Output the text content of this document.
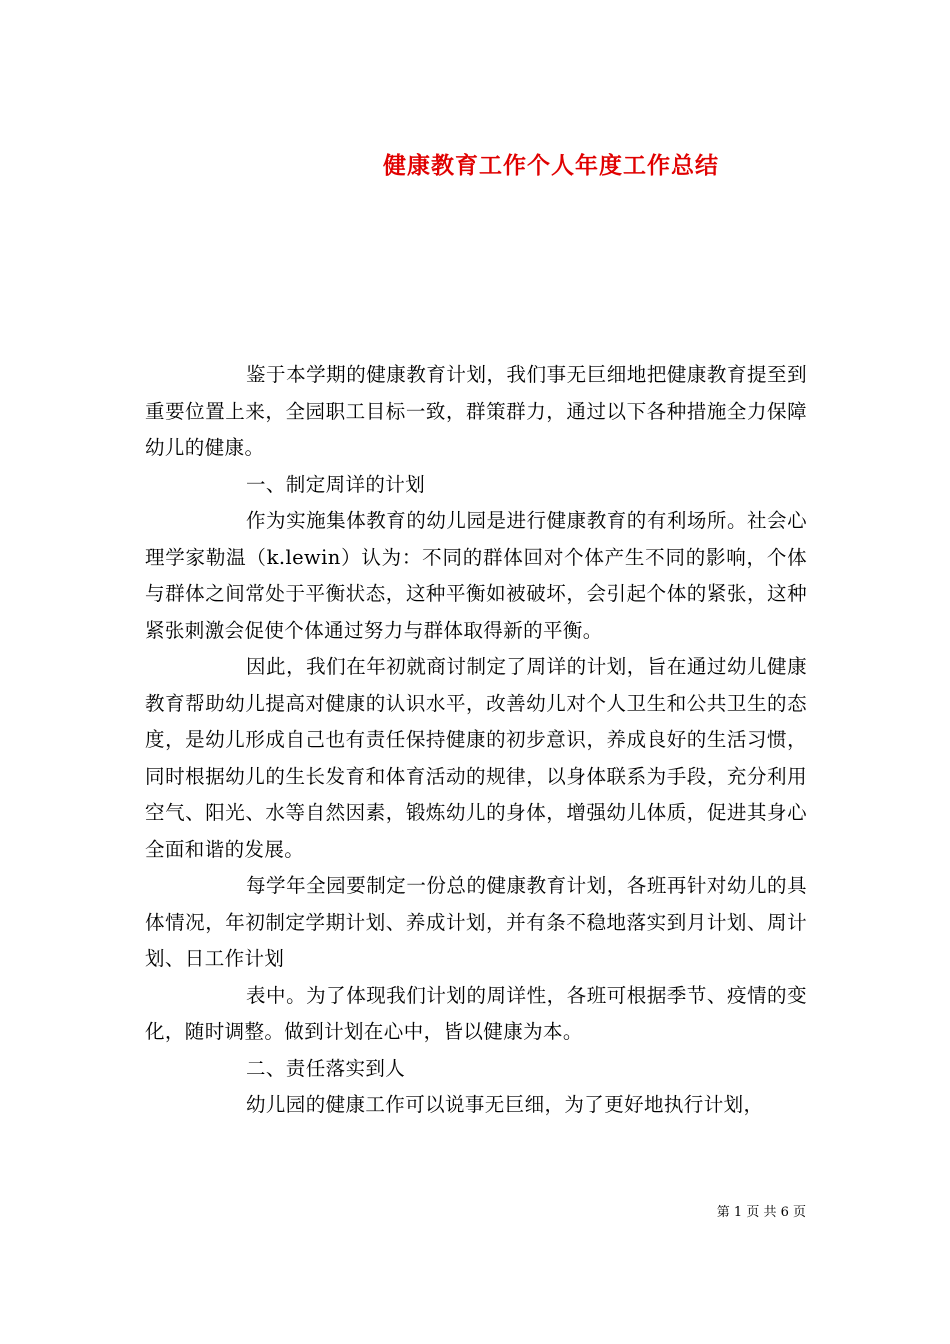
健康教育工作个人年度工作总结

鉴于本学期的健康教育计划，我们事无巨细地把健康教育提至到重要位置上来，全园职工目标一致，群策群力，通过以下各种措施全力保障幼儿的健康。

一、制定周详的计划

作为实施集体教育的幼儿园是进行健康教育的有利场所。社会心理学家勒温（k.lewin）认为：不同的群体回对个体产生不同的影响，个体与群体之间常处于平衡状态，这种平衡如被破坏，会引起个体的紧张，这种紧张刺激会促使个体通过努力与群体取得新的平衡。

因此，我们在年初就商讨制定了周详的计划，旨在通过幼儿健康教育帮助幼儿提高对健康的认识水平，改善幼儿对个人卫生和公共卫生的态度，是幼儿形成自己也有责任保持健康的初步意识，养成良好的生活习惯，同时根据幼儿的生长发育和体育活动的规律，以身体联系为手段，充分利用空气、阳光、水等自然因素，锻炼幼儿的身体，增强幼儿体质，促进其身心全面和谐的发展。

每学年全园要制定一份总的健康教育计划，各班再针对幼儿的具体情况，年初制定学期计划、养成计划，并有条不稳地落实到月计划、周计划、日工作计划

表中。为了体现我们计划的周详性，各班可根据季节、疫情的变化，随时调整。做到计划在心中，皆以健康为本。

二、责任落实到人

幼儿园的健康工作可以说事无巨细，为了更好地执行计划，

第 1 页 共 6 页
